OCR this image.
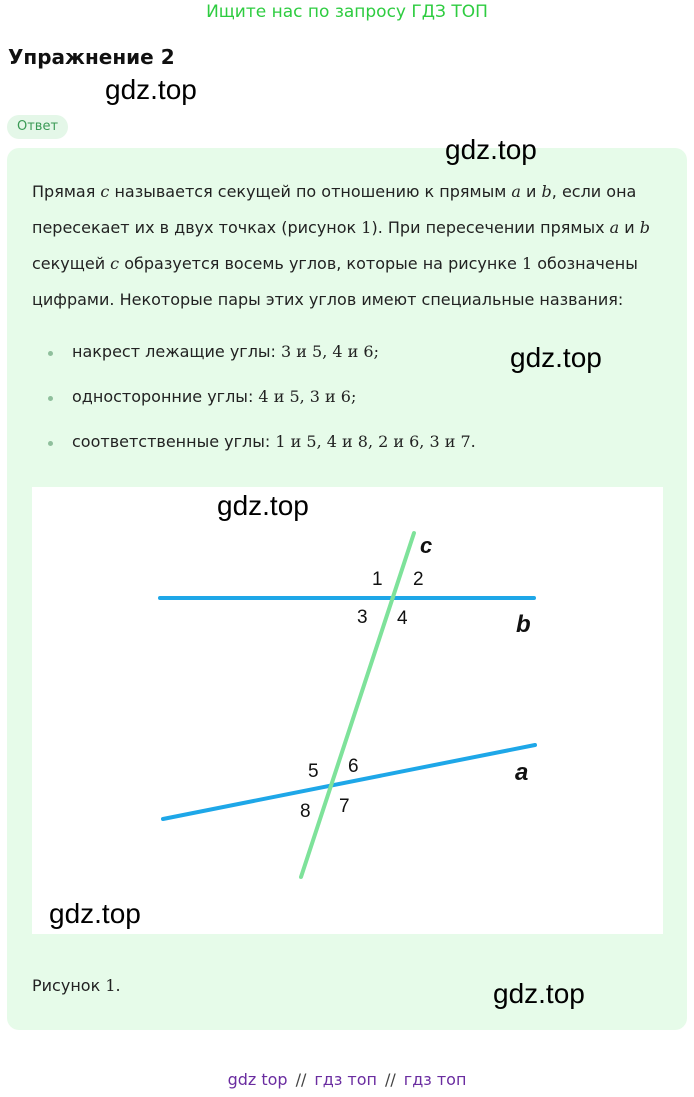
Ищите нас по запросу ГДЗ ТОП
Упражнение 2
gdz.top
Ответ
gdz.top
Прямая c называется секущей по отношению к прямым a и b, если она пересекает их в двух точках (рисунок 1). При пересечении прямых a и b секущей c образуется восемь углов, которые на рисунке 1 обозначены цифрами. Некоторые пары этих углов имеют специальные названия:
накрест лежащие углы: 3 и 5, 4 и 6;
односторонние углы: 4 и 5, 3 и 6;
соответственные углы: 1 и 5, 4 и 8, 2 и 6, 3 и 7.
gdz.top
c
b
a
1 2
3 4
5 6
7
8
gdz.top
gdz.top
Рисунок 1.	gdz.top
gdz top // гдз топ // гдз топ
